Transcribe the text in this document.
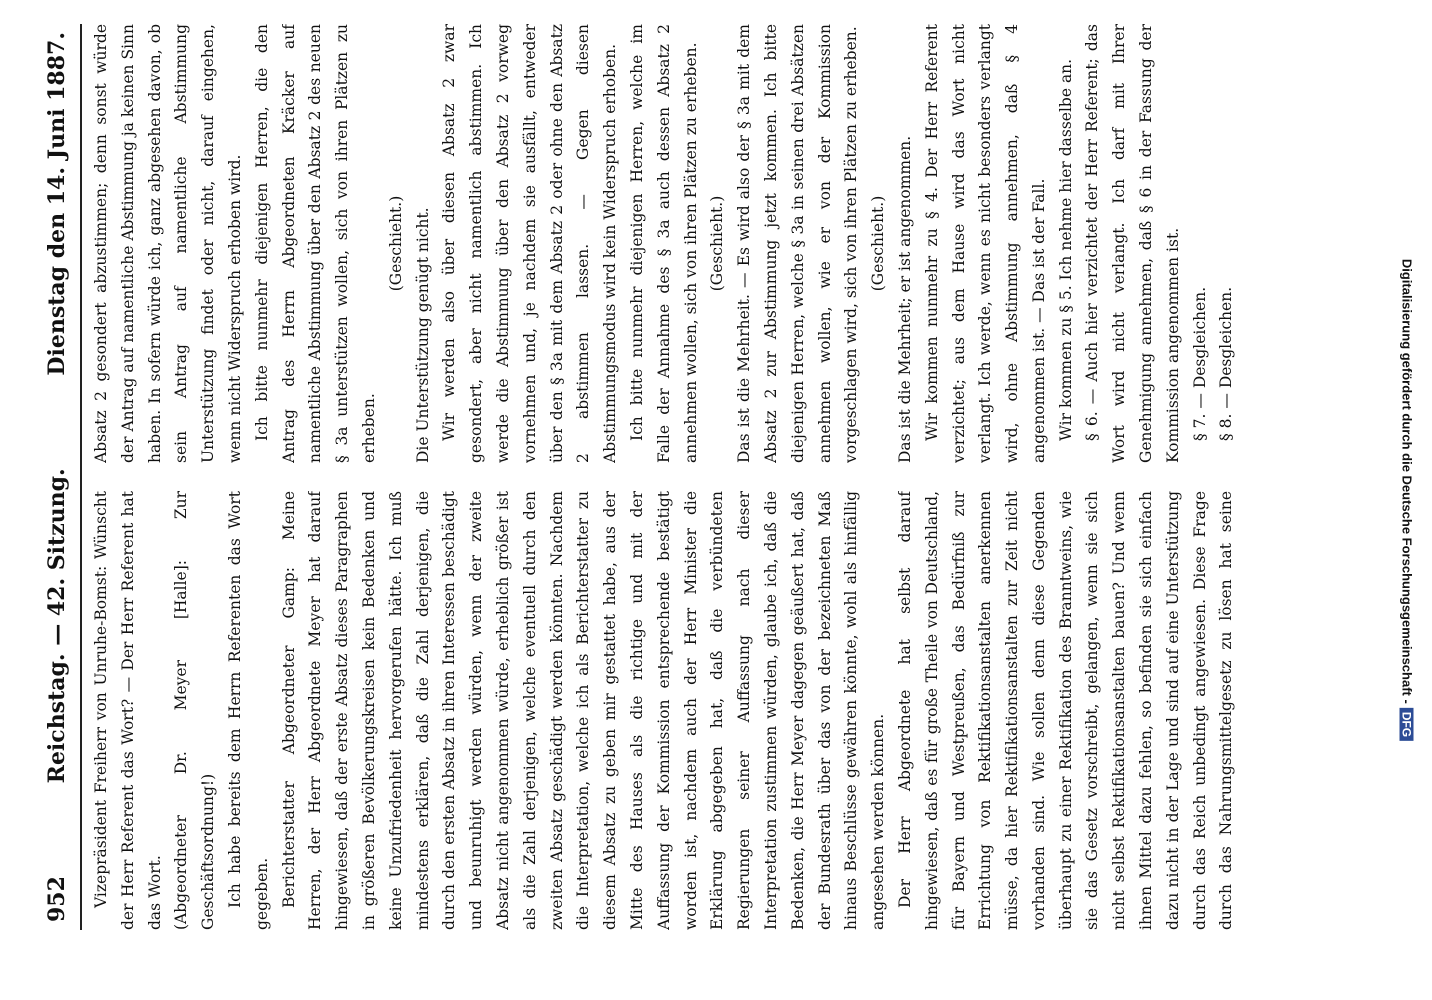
952
Reichstag. — 42. Sitzung.
Dienstag den 14. Juni 1887.

Vizepräsident Freiherr von Unruhe-Bomst: Wünscht der Herr Referent das Wort? — Der Herr Referent hat das Wort. (Abgeordneter Dr. Meyer [Halle]: Zur Geschäftsordnung!) Ich habe bereits dem Herrn Referenten das Wort gegeben. Berichterstatter Abgeordneter Gamp: Meine Herren, der Herr Abgeordnete Meyer hat darauf hingewiesen, daß der erste Absatz dieses Paragraphen in größeren Bevölkerungskreisen kein Bedenken und keine Unzufriedenheit hervorgerufen hätte. Ich muß mindestens erklären, daß die Zahl derjenigen, die durch den ersten Absatz in ihren Interessen beschädigt und beunruhigt werden würden, wenn der zweite Absatz nicht angenommen würde, erheblich größer ist als die Zahl derjenigen, welche eventuell durch den zweiten Absatz geschädigt werden könnten. Nachdem die Interpretation, welche ich als Berichterstatter zu diesem Absatz zu geben mir gestattet habe, aus der Mitte des Hauses als die richtige und mit der Auffassung der Kommission entsprechende bestätigt worden ist, nachdem auch der Herr Minister die Erklärung abgegeben hat, daß die verbündeten Regierungen seiner Auffassung nach dieser Interpretation zustimmen würden, glaube ich, daß die Bedenken, die Herr Meyer dagegen geäußert hat, daß der Bundesrath über das von der bezeichneten Maß hinaus Beschlüsse gewähren könnte, wohl als hinfällig angesehen werden können. Der Herr Abgeordnete hat selbst darauf hingewiesen, daß es für große Theile von Deutschland, für Bayern und Westpreußen, das Bedürfniß zur Errichtung von Rektifikationsanstalten anerkennen müsse, da hier Rektifikationsanstalten zur Zeit nicht vorhanden sind. Wie sollen denn diese Gegenden überhaupt zu einer Rektifikation des Branntweins, wie sie das Gesetz vorschreibt, gelangen, wenn sie sich nicht selbst Rektifikationsanstalten bauen? Und wenn ihnen Mittel dazu fehlen, so befinden sie sich einfach dazu nicht in der Lage und sind auf eine Unterstützung durch das Reich unbedingt angewiesen. Diese Frage durch das Nahrungsmittelgesetz zu lösen hat seine

Absatz 2 gesondert abzustimmen; denn sonst würde der Antrag auf namentliche Abstimmung ja keinen Sinn haben. In sofern würde ich, ganz abgesehen davon, ob sein Antrag auf namentliche Abstimmung Unterstützung findet oder nicht, darauf eingehen, wenn nicht Widerspruch erhoben wird. Ich bitte nunmehr diejenigen Herren, die den Antrag des Herrn Abgeordneten Kräcker auf namentliche Abstimmung über den Absatz 2 des neuen § 3a unterstützen wollen, sich von ihren Plätzen zu erheben.

(Geschieht.) Die Unterstützung genügt nicht. Wir werden also über diesen Absatz 2 zwar gesondert, aber nicht namentlich abstimmen. Ich werde die Abstimmung über den Absatz 2 vorweg vornehmen und, je nachdem sie ausfällt, entweder über den § 3a mit dem Absatz 2 oder ohne den Absatz 2 abstimmen lassen. — Gegen diesen Abstimmungsmodus wird kein Widerspruch erhoben. Ich bitte nunmehr diejenigen Herren, welche im Falle der Annahme des § 3a auch dessen Absatz 2 annehmen wollen, sich von ihren Plätzen zu erheben. (Geschieht.) Das ist die Mehrheit. — Es wird also der § 3a mit dem Absatz 2 zur Abstimmung jetzt kommen. Ich bitte diejenigen Herren, welche § 3a in seinen drei Absätzen annehmen wollen, wie er von der Kommission vorgeschlagen wird, sich von ihren Plätzen zu erheben. (Geschieht.) Das ist die Mehrheit; er ist angenommen. Wir kommen nunmehr zu § 4. Der Herr Referent verzichtet; aus dem Hause wird das Wort nicht verlangt. Ich werde, wenn es nicht besonders verlangt wird, ohne Abstimmung annehmen, daß § 4 angenommen ist. — Das ist der Fall. Wir kommen zu § 5. Ich nehme hier dasselbe an. § 6. — Auch hier verzichtet der Herr Referent; das Wort wird nicht verlangt. Ich darf mit Ihrer Genehmigung annehmen, daß § 6 in der Fassung der Kommission angenommen ist. § 7. — Desgleichen. § 8. — Desgleichen.	Digitalisierung gefördert durch die Deutsche Forschungsgemeinschaft -DFG
